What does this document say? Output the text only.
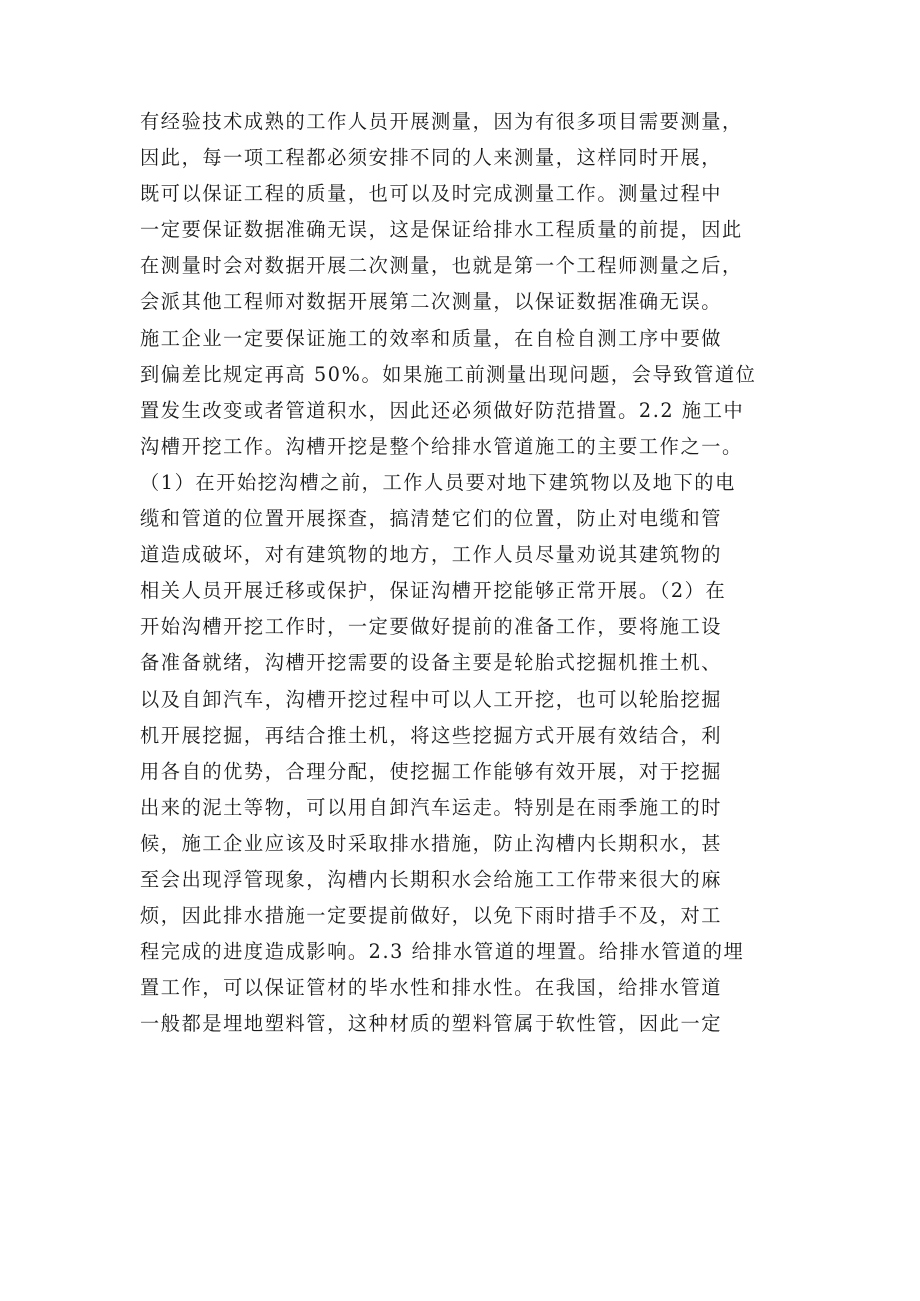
有经验技术成熟的工作人员开展测量，因为有很多项目需要测量，
因此，每一项工程都必须安排不同的人来测量，这样同时开展，
既可以保证工程的质量，也可以及时完成测量工作。测量过程中
一定要保证数据准确无误，这是保证给排水工程质量的前提，因此
在测量时会对数据开展二次测量，也就是第一个工程师测量之后，
会派其他工程师对数据开展第二次测量，以保证数据准确无误。
施工企业一定要保证施工的效率和质量，在自检自测工序中要做
到偏差比规定再高 50%。如果施工前测量出现问题，会导致管道位
置发生改变或者管道积水，因此还必须做好防范措置。2.2 施工中
沟槽开挖工作。沟槽开挖是整个给排水管道施工的主要工作之一。
（1）在开始挖沟槽之前，工作人员要对地下建筑物以及地下的电
缆和管道的位置开展探查，搞清楚它们的位置，防止对电缆和管
道造成破坏，对有建筑物的地方，工作人员尽量劝说其建筑物的
相关人员开展迁移或保护，保证沟槽开挖能够正常开展。（2）在
开始沟槽开挖工作时，一定要做好提前的准备工作，要将施工设
备准备就绪，沟槽开挖需要的设备主要是轮胎式挖掘机推土机、
以及自卸汽车，沟槽开挖过程中可以人工开挖，也可以轮胎挖掘
机开展挖掘，再结合推土机，将这些挖掘方式开展有效结合，利
用各自的优势，合理分配，使挖掘工作能够有效开展，对于挖掘
出来的泥土等物，可以用自卸汽车运走。特别是在雨季施工的时
候，施工企业应该及时采取排水措施，防止沟槽内长期积水，甚
至会出现浮管现象，沟槽内长期积水会给施工工作带来很大的麻
烦，因此排水措施一定要提前做好，以免下雨时措手不及，对工
程完成的进度造成影响。2.3 给排水管道的埋置。给排水管道的埋
置工作，可以保证管材的毕水性和排水性。在我国，给排水管道
一般都是埋地塑料管，这种材质的塑料管属于软性管，因此一定
